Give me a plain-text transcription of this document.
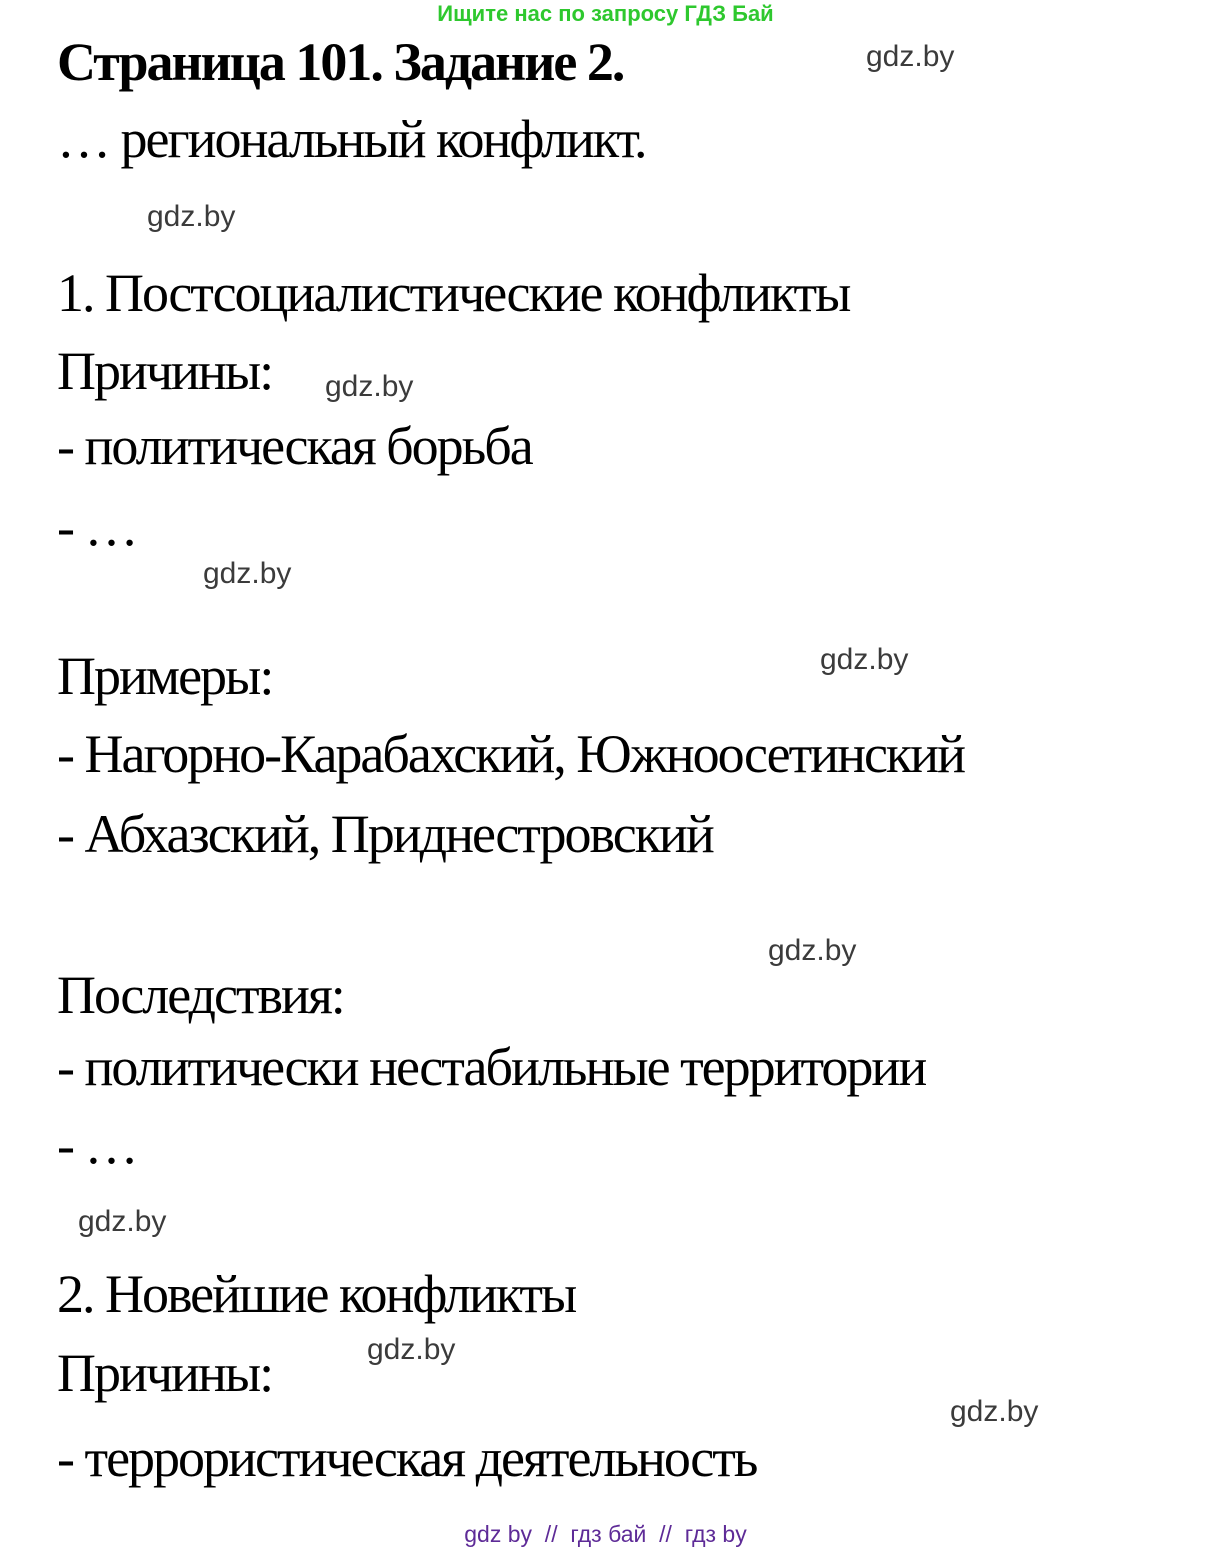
Ищите нас по запросу ГДЗ Бай
Страница 101. Задание 2.	gdz.by
… региональный конфликт.
gdz.by
1. Постсоциалистические конфликты
Причины: gdz.by
- политическая борьба
- …
gdz.by
gdz.by
Примеры:
- Нагорно-Карабахский, Южноосетинский
- Абхазский, Приднестровский
gdz.by
Последствия:
- политически нестабильные территории
- …
gdz.by
2. Новейшие конфликты
gdz.by
Причины:
gdz.by
- террористическая деятельность
gdz by  //  гдз бай  //  гдз by
